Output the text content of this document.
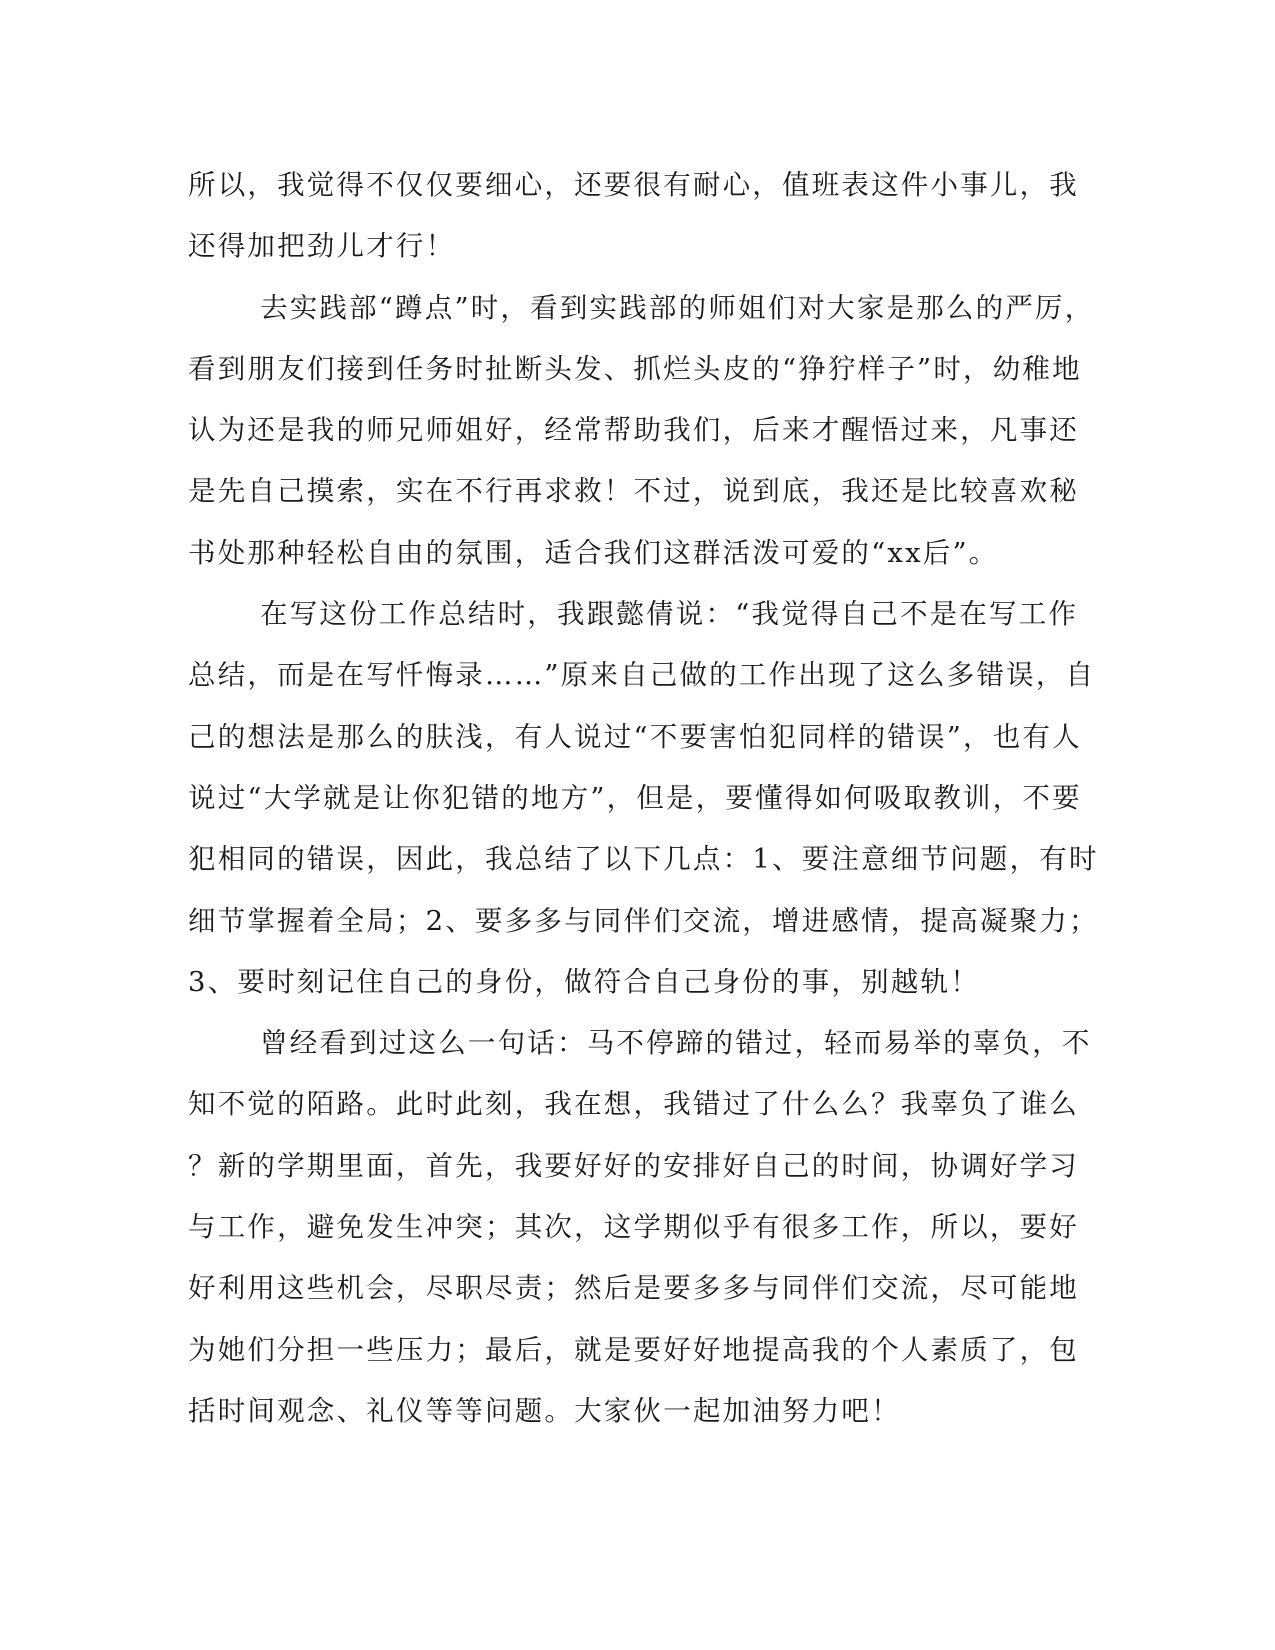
所以，我觉得不仅仅要细心，还要很有耐心，值班表这件小事儿，我
还得加把劲儿才行！
去实践部“蹲点”时，看到实践部的师姐们对大家是那么的严厉，
看到朋友们接到任务时扯断头发、抓烂头皮的“狰狞样子”时，幼稚地
认为还是我的师兄师姐好，经常帮助我们，后来才醒悟过来，凡事还
是先自己摸索，实在不行再求救！不过，说到底，我还是比较喜欢秘
书处那种轻松自由的氛围，适合我们这群活泼可爱的“xx后”。
在写这份工作总结时，我跟懿倩说：“我觉得自己不是在写工作
总结，而是在写忏悔录……”原来自己做的工作出现了这么多错误，自
己的想法是那么的肤浅，有人说过“不要害怕犯同样的错误”，也有人
说过“大学就是让你犯错的地方”，但是，要懂得如何吸取教训，不要
犯相同的错误，因此，我总结了以下几点：1、要注意细节问题，有时
细节掌握着全局；2、要多多与同伴们交流，增进感情，提高凝聚力；
3、要时刻记住自己的身份，做符合自己身份的事，别越轨！
曾经看到过这么一句话：马不停蹄的错过，轻而易举的辜负，不
知不觉的陌路。此时此刻，我在想，我错过了什么么？我辜负了谁么
？新的学期里面，首先，我要好好的安排好自己的时间，协调好学习
与工作，避免发生冲突；其次，这学期似乎有很多工作，所以，要好
好利用这些机会，尽职尽责；然后是要多多与同伴们交流，尽可能地
为她们分担一些压力；最后，就是要好好地提高我的个人素质了，包
括时间观念、礼仪等等问题。大家伙一起加油努力吧！
